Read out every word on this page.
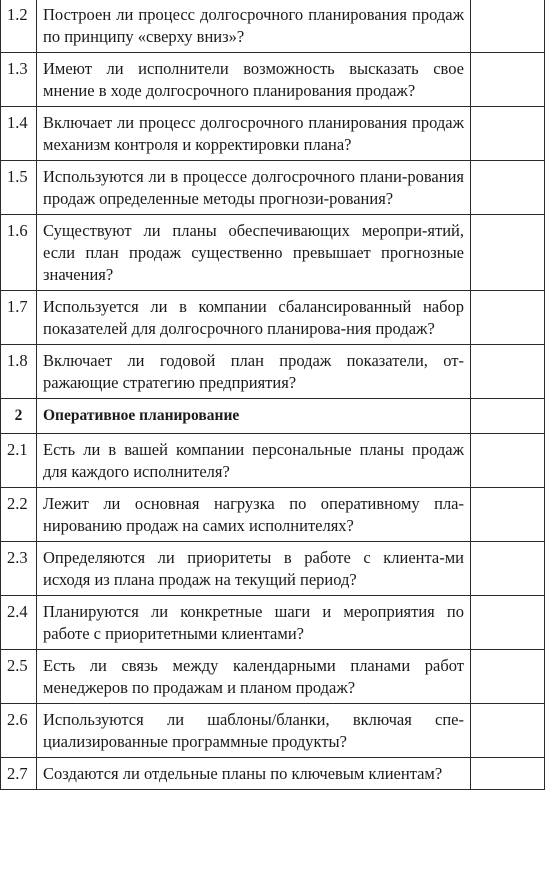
1.2	Построен ли процесс долгосрочного планирования продаж по принципу «сверху вниз»?	
1.3	Имеют ли исполнители возможность высказать свое мнение в ходе долгосрочного планирования продаж?	
1.4	Включает ли процесс долгосрочного планирования продаж механизм контроля и корректировки плана?	
1.5	Используются ли в процессе долгосрочного плани-рования продаж определенные методы прогнози-рования?	
1.6	Существуют ли планы обеспечивающих меропри-ятий, если план продаж существенно превышает прогнозные значения?	
1.7	Используется ли в компании сбалансированный набор показателей для долгосрочного планирова-ния продаж?	
1.8	Включает ли годовой план продаж показатели, от-ражающие стратегию предприятия?	
2	Оперативное планирование	
2.1	Есть ли в вашей компании персональные планы продаж для каждого исполнителя?	
2.2	Лежит ли основная нагрузка по оперативному пла-нированию продаж на самих исполнителях?	
2.3	Определяются ли приоритеты в работе с клиента-ми исходя из плана продаж на текущий период?	
2.4	Планируются ли конкретные шаги и мероприятия по работе с приоритетными клиентами?	
2.5	Есть ли связь между календарными планами работ менеджеров по продажам и планом продаж?	
2.6	Используются ли шаблоны/бланки, включая спе-циализированные программные продукты?	
2.7	Создаются ли отдельные планы по ключевым клиентам?	
